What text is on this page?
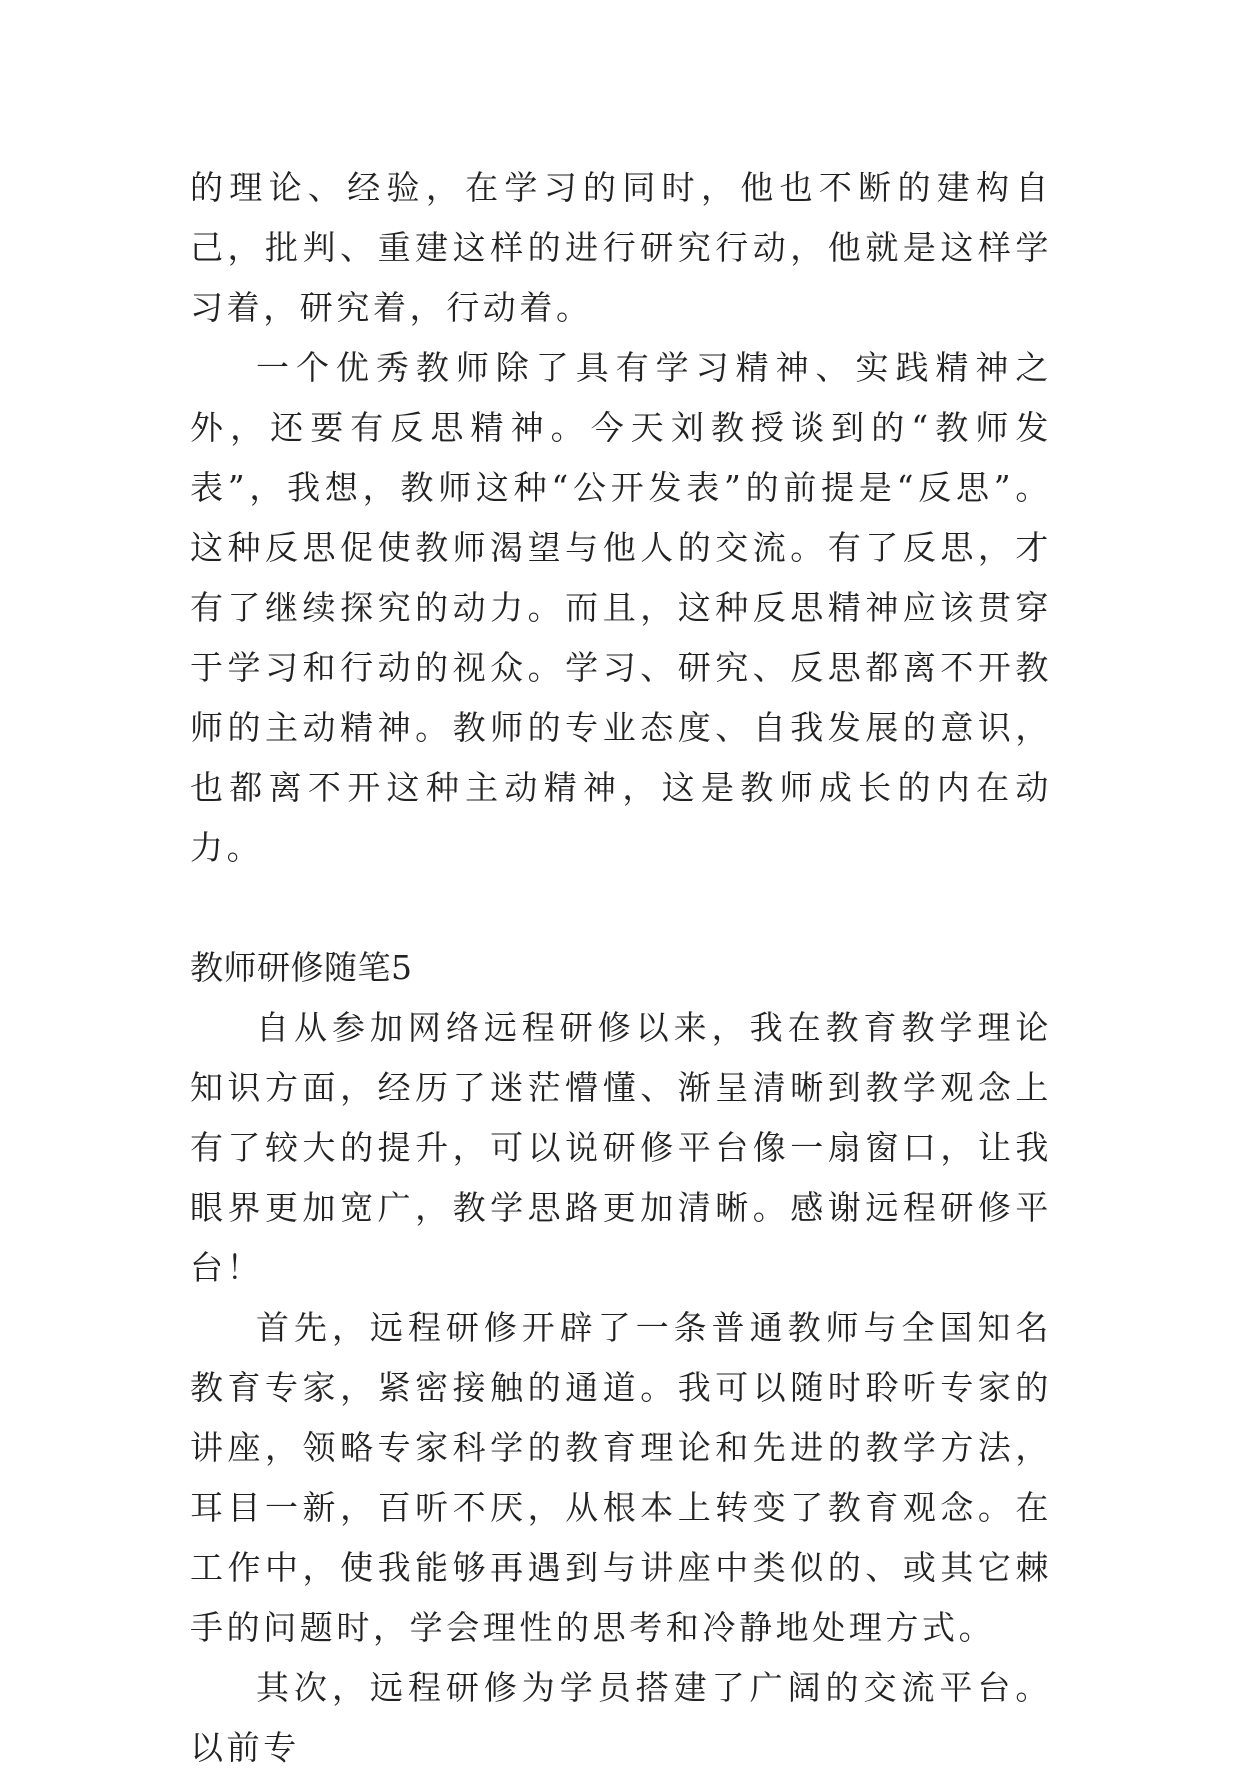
的理论、经验，在学习的同时，他也不断的建构自己，批判、重建这样的进行研究行动，他就是这样学习着，研究着，行动着。

一个优秀教师除了具有学习精神、实践精神之外，还要有反思精神。今天刘教授谈到的“教师发表”，我想，教师这种“公开发表”的前提是“反思”。这种反思促使教师渴望与他人的交流。有了反思，才有了继续探究的动力。而且，这种反思精神应该贯穿于学习和行动的视众。学习、研究、反思都离不开教师的主动精神。教师的专业态度、自我发展的意识，也都离不开这种主动精神，这是教师成长的内在动力。

教师研修随笔5

自从参加网络远程研修以来，我在教育教学理论知识方面，经历了迷茫懵懂、渐呈清晰到教学观念上有了较大的提升，可以说研修平台像一扇窗口，让我眼界更加宽广，教学思路更加清晰。感谢远程研修平台！

首先，远程研修开辟了一条普通教师与全国知名教育专家，紧密接触的通道。我可以随时聆听专家的讲座，领略专家科学的教育理论和先进的教学方法，耳目一新，百听不厌，从根本上转变了教育观念。在工作中，使我能够再遇到与讲座中类似的、或其它棘手的问题时，学会理性的思考和冷静地处理方式。

其次，远程研修为学员搭建了广阔的交流平台。以前专
